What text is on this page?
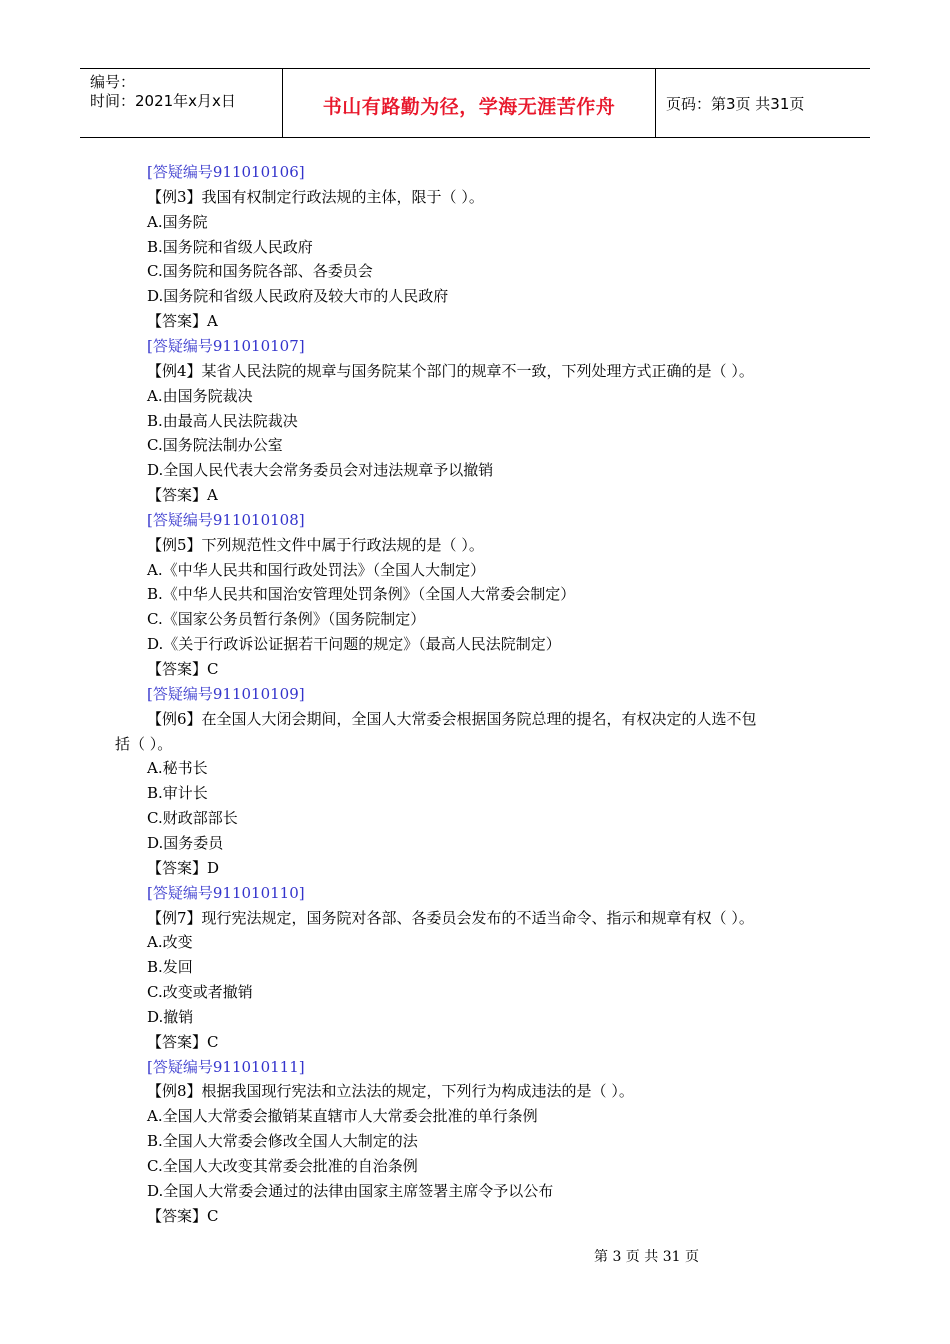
编号：
时间：2021年x月x日	书山有路勤为径，学海无涯苦作舟	页码：第3页 共31页
[答疑编号911010106]
【例3】我国有权制定行政法规的主体，限于（ ）。
A.国务院
B.国务院和省级人民政府
C.国务院和国务院各部、各委员会
D.国务院和省级人民政府及较大市的人民政府
【答案】A
[答疑编号911010107]
【例4】某省人民法院的规章与国务院某个部门的规章不一致，下列处理方式正确的是（ ）。
A.由国务院裁决
B.由最高人民法院裁决
C.国务院法制办公室
D.全国人民代表大会常务委员会对违法规章予以撤销
【答案】A
[答疑编号911010108]
【例5】下列规范性文件中属于行政法规的是（ ）。
A.《中华人民共和国行政处罚法》（全国人大制定）
B.《中华人民共和国治安管理处罚条例》（全国人大常委会制定）
C.《国家公务员暂行条例》（国务院制定）
D.《关于行政诉讼证据若干问题的规定》（最高人民法院制定）
【答案】C
[答疑编号911010109]
【例6】在全国人大闭会期间，全国人大常委会根据国务院总理的提名，有权决定的人选不包
括（ ）。
A.秘书长
B.审计长
C.财政部部长
D.国务委员
【答案】D
[答疑编号911010110]
【例7】现行宪法规定，国务院对各部、各委员会发布的不适当命令、指示和规章有权（ ）。
A.改变
B.发回
C.改变或者撤销
D.撤销
【答案】C
[答疑编号911010111]
【例8】根据我国现行宪法和立法法的规定，下列行为构成违法的是（ ）。
A.全国人大常委会撤销某直辖市人大常委会批准的单行条例
B.全国人大常委会修改全国人大制定的法
C.全国人大改变其常委会批准的自治条例
D.全国人大常委会通过的法律由国家主席签署主席令予以公布
【答案】C
第 3 页 共 31 页
